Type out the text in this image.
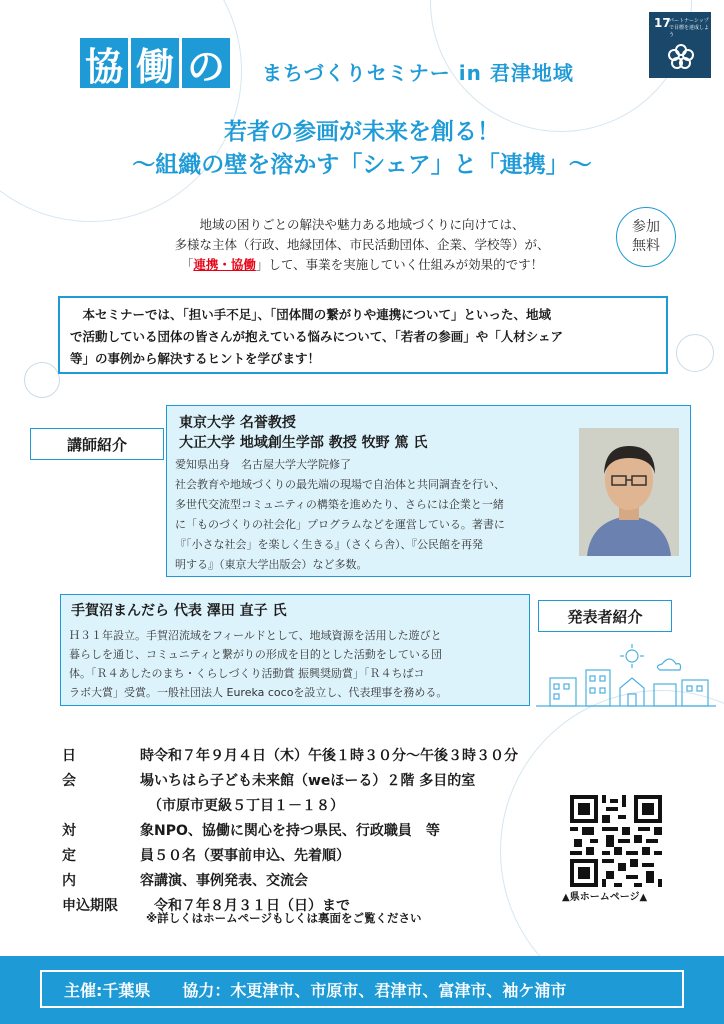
協 働 の まちづくりセミナー in 君津地域
17
パートナーシップで目標を達成しよう
若者の参画が未来を創る！
～組織の壁を溶かす「シェア」と「連携」～
地域の困りごとの解決や魅力ある地域づくりに向けては、
多様な主体（行政、地縁団体、市民活動団体、企業、学校等）が、
「連携・協働」して、事業を実施していく仕組みが効果的です！
参加
無料
　本セミナーでは、「担い手不足」、「団体間の繋がりや連携について」といった、地域
で活動している団体の皆さんが抱えている悩みについて、「若者の参画」や「人材シェア
等」の事例から解決するヒントを学びます！
東京大学 名誉教授
大正大学 地域創生学部 教授 牧野 篤 氏
愛知県出身　名古屋大学大学院修了
社会教育や地域づくりの最先端の現場で自治体と共同調査を行い、
多世代交流型コミュニティの構築を進めたり、さらには企業と一緒
に「ものづくりの社会化」プログラムなどを運営している。著書に
『「小さな社会」を楽しく生きる』（さくら舎）、『公民館を再発
明する』（東京大学出版会）など多数。
講師紹介
手賀沼まんだら 代表 澤田 直子 氏
Ｈ３１年設立。手賀沼流域をフィールドとして、地域資源を活用した遊びと
暮らしを通じ、コミュニティと繋がりの形成を目的とした活動をしている団
体。「Ｒ４あしたのまち・くらしづくり活動賞 振興奨励賞」「Ｒ４ちばコ
ラボ大賞」受賞。一般社団法人 Eureka cocoを設立し、代表理事を務める。
発表者紹介
日	時 令和７年９月４日（木）午後１時３０分～午後３時３０分
会	場 いちはら子ども未来館（weほーる）２階 多目的室
（市原市更級５丁目１－１８）
対	象 NPO、協働に関心を持つ県民、行政職員　等
定	員 ５０名（要事前申込、先着順）
内	容 講演、事例発表、交流会
申込期限	令和７年８月３１日（日）まで
※詳しくはホームページもしくは裏面をご覧ください
▲県ホームページ▲
主催:千葉県　　協力：木更津市、市原市、君津市、富津市、袖ケ浦市
